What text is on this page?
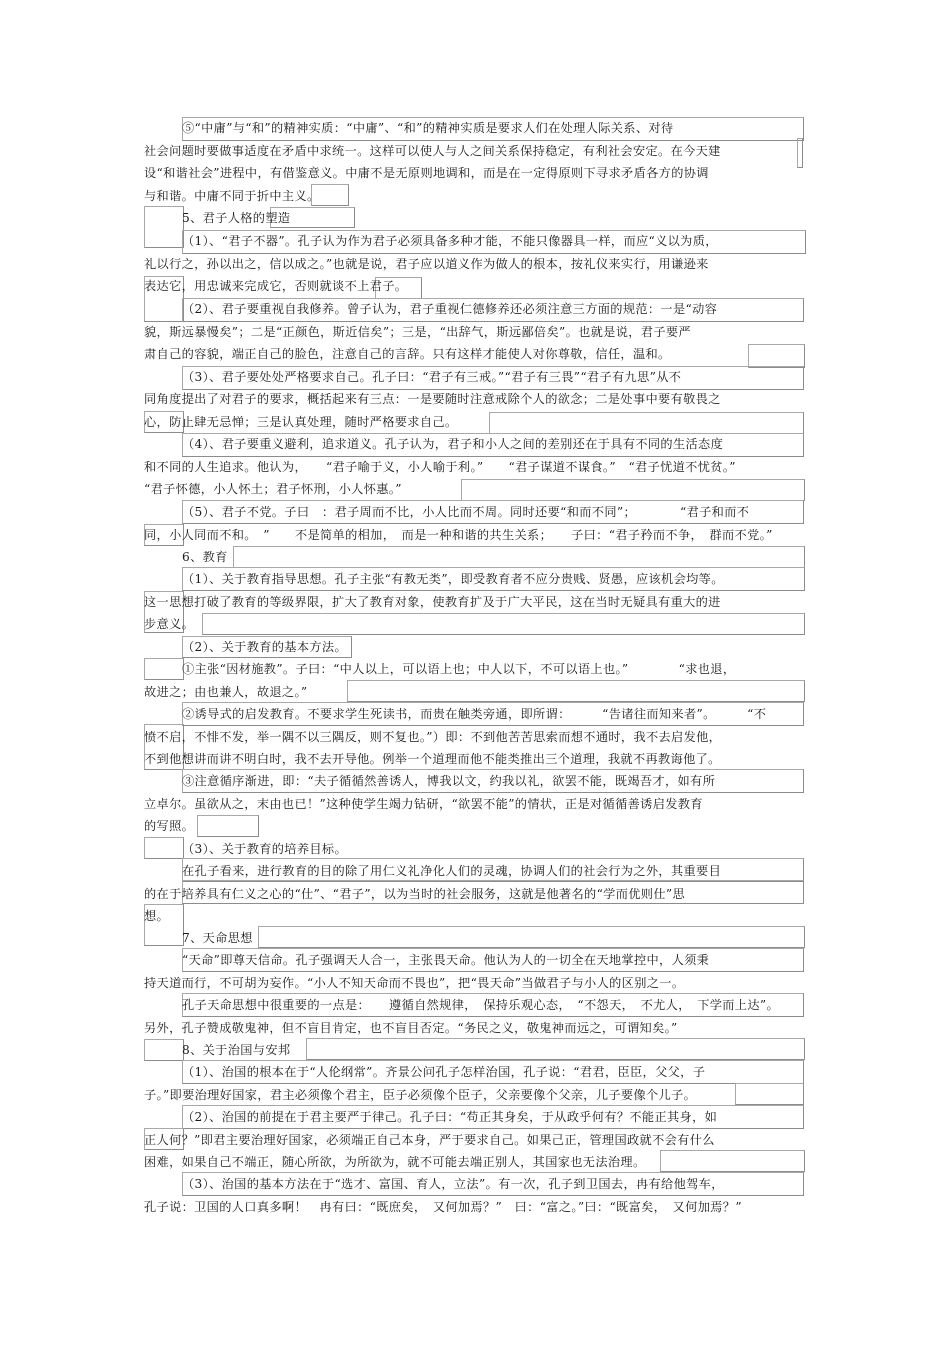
⑤“中庸”与“和”的精神实质：“中庸”、“和”的精神实质是要求人们在处理人际关系、对待
社会问题时要做事适度在矛盾中求统一。这样可以使人与人之间关系保持稳定，有利社会安定。在今天建
设“和谐社会”进程中，有借鉴意义。中庸不是无原则地调和，而是在一定得原则下寻求矛盾各方的协调
与和谐。中庸不同于折中主义。
5、君子人格的塑造
（1）、“君子不器”。孔子认为作为君子必须具备多种才能，不能只像器具一样，而应“义以为质，
礼以行之，孙以出之，信以成之。”也就是说，君子应以道义作为做人的根本，按礼仪来实行，用谦逊来
表达它，用忠诚来完成它，否则就谈不上君子。
（2）、君子要重视自我修养。曾子认为，君子重视仁德修养还必须注意三方面的规范：一是“动容
貌，斯远暴慢矣”；二是“正颜色，斯近信矣”；三是，“出辞气，斯远鄙倍矣”。也就是说，君子要严
肃自己的容貌，端正自己的脸色，注意自己的言辞。只有这样才能使人对你尊敬，信任，温和。
（3）、君子要处处严格要求自己。孔子曰：“君子有三戒。”“君子有三畏”“君子有九思”从不
同角度提出了对君子的要求，概括起来有三点：一是要随时注意戒除个人的欲念；二是处事中要有敬畏之
心，防止肆无忌惮；三是认真处理，随时严格要求自己。
（4）、君子要重义避利，追求道义。孔子认为，君子和小人之间的差别还在于具有不同的生活态度
和不同的人生追求。他认为，　　“君子喻于义，小人喻于利。”　　“君子谋道不谋食。”　“君子忧道不忧贫。”
“君子怀德，小人怀土；君子怀刑，小人怀惠。”
（5）、君子不党。子曰　：君子周而不比，小人比而不周。同时还要“和而不同”；　　　　“君子和而不
同，小人同而不和。　”　　不是简单的相加，　而是一种和谐的共生关系；　　子曰：“君子矜而不争，　群而不党。”
6、教育
（1）、关于教育指导思想。孔子主张“有教无类”，即受教育者不应分贵贱、贤愚，应该机会均等。
这一思想打破了教育的等级界限，扩大了教育对象，使教育扩及于广大平民，这在当时无疑具有重大的进
步意义。
（2）、关于教育的基本方法。
①主张“因材施教”。子曰：“中人以上，可以语上也；中人以下，不可以语上也。”　　　　“求也退，
故进之；由也兼人，故退之。”
②诱导式的启发教育。不要求学生死读书，而贵在触类旁通，即所谓：　　　“告诸往而知来者”。　　　“不
愤不启，不悱不发，举一隅不以三隅反，则不复也。”）即：不到他苦苦思索而想不通时，我不去启发他，
不到他想讲而讲不明白时，我不去开导他。例举一个道理而他不能类推出三个道理，我就不再教诲他了。
③注意循序渐进，即：“夫子循循然善诱人，博我以文，约我以礼，欲罢不能，既竭吾才，如有所
立卓尔。虽欲从之，末由也已！”这种使学生竭力钻研，“欲罢不能”的情状，正是对循循善诱启发教育
的写照。
（3）、关于教育的培养目标。
在孔子看来，进行教育的目的除了用仁义礼净化人们的灵魂，协调人们的社会行为之外，其重要目
的在于培养具有仁义之心的“仕”、“君子”，以为当时的社会服务，这就是他著名的“学而优则仕”思
想。
7、天命思想
“天命”即尊天信命。孔子强调天人合一，主张畏天命。他认为人的一切全在天地掌控中，人须秉
持天道而行，不可胡为妄作。“小人不知天命而不畏也”，把“畏天命”当做君子与小人的区别之一。
孔子天命思想中很重要的一点是：　　遵循自然规律，　保持乐观心态，　“不怨天，　不尤人，　下学而上达”。
另外，孔子赞成敬鬼神，但不盲目肯定，也不盲目否定。“务民之义，敬鬼神而远之，可谓知矣。”
8、关于治国与安邦
（1）、治国的根本在于“人伦纲常”。齐景公问孔子怎样治国，孔子说：“君君，臣臣，父父，子
子。”即要治理好国家，君主必须像个君主，臣子必须像个臣子，父亲要像个父亲，儿子要像个儿子。
（2）、治国的前提在于君主要严于律己。孔子曰：“苟正其身矣，于从政乎何有？不能正其身，如
正人何？”即君主要治理好国家，必须端正自己本身，严于要求自己。如果己正，管理国政就不会有什么
困难，如果自己不端正，随心所欲，为所欲为，就不可能去端正别人，其国家也无法治理。
（3）、治国的基本方法在于“选才、富国、育人，立法”。有一次，孔子到卫国去，冉有给他驾车，
孔子说：卫国的人口真多啊！　冉有曰：“既庶矣，　又何加焉？”　曰：“富之。”曰：“既富矣，　又何加焉？”
